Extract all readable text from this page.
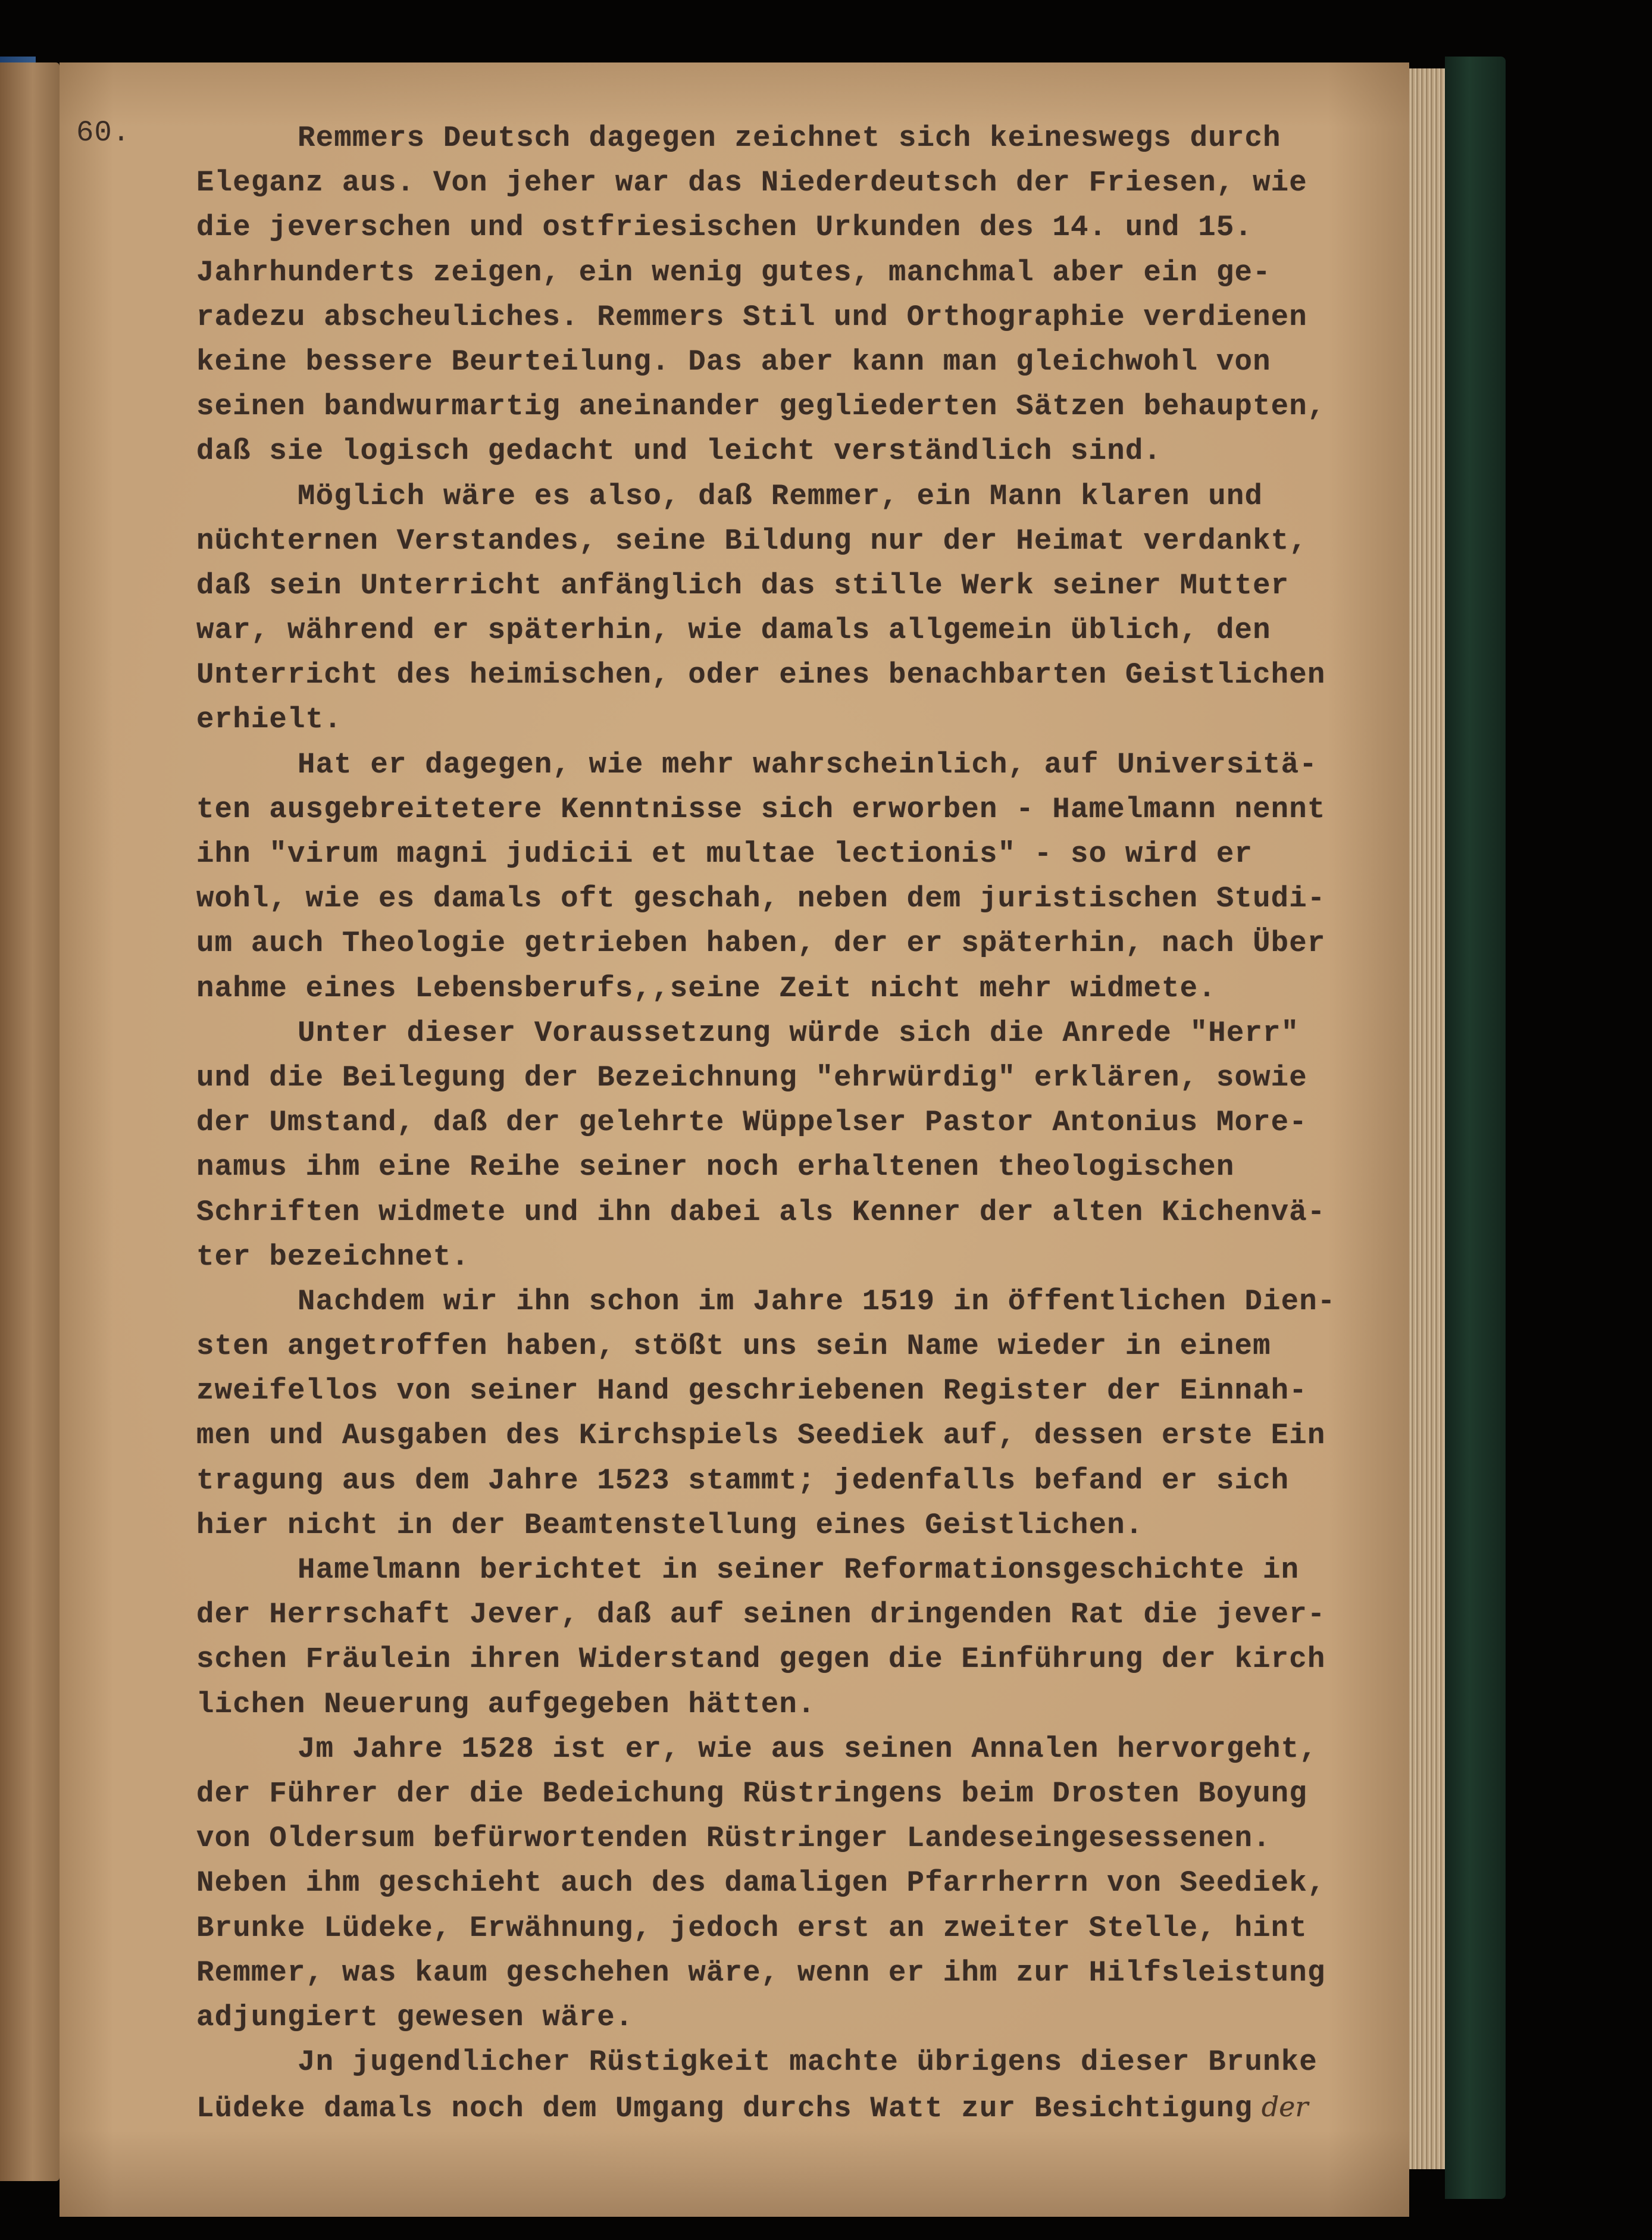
60.	Remmers Deutsch dagegen zeichnet sich keineswegs durch
Eleganz aus. Von jeher war das Niederdeutsch der Friesen, wie
die jeverschen und ostfriesischen Urkunden des 14. und 15.
Jahrhunderts zeigen, ein wenig gutes, manchmal aber ein ge-
radezu abscheuliches. Remmers Stil und Orthographie verdienen
keine bessere Beurteilung. Das aber kann man gleichwohl von
seinen bandwurmartig aneinander gegliederten Sätzen behaupten,
daß sie logisch gedacht und leicht verständlich sind.
Möglich wäre es also, daß Remmer, ein Mann klaren und
nüchternen Verstandes, seine Bildung nur der Heimat verdankt,
daß sein Unterricht anfänglich das stille Werk seiner Mutter
war, während er späterhin, wie damals allgemein üblich, den
Unterricht des heimischen, oder eines benachbarten Geistlichen
erhielt.
Hat er dagegen, wie mehr wahrscheinlich, auf Universitä-
ten ausgebreitetere Kenntnisse sich erworben - Hamelmann nennt
ihn "virum magni judicii et multae lectionis" - so wird er
wohl, wie es damals oft geschah, neben dem juristischen Studi-
um auch Theologie getrieben haben, der er späterhin, nach Über
nahme eines Lebensberufs,,seine Zeit nicht mehr widmete.
Unter dieser Voraussetzung würde sich die Anrede "Herr"
und die Beilegung der Bezeichnung "ehrwürdig" erklären, sowie
der Umstand, daß der gelehrte Wüppelser Pastor Antonius More-
namus ihm eine Reihe seiner noch erhaltenen theologischen
Schriften widmete und ihn dabei als Kenner der alten Kichenvä-
ter bezeichnet.
Nachdem wir ihn schon im Jahre 1519 in öffentlichen Dien-
sten angetroffen haben, stößt uns sein Name wieder in einem
zweifellos von seiner Hand geschriebenen Register der Einnah-
men und Ausgaben des Kirchspiels Seediek auf, dessen erste Ein
tragung aus dem Jahre 1523 stammt; jedenfalls befand er sich
hier nicht in der Beamtenstellung eines Geistlichen.
Hamelmann berichtet in seiner Reformationsgeschichte in
der Herrschaft Jever, daß auf seinen dringenden Rat die jever-
schen Fräulein ihren Widerstand gegen die Einführung der kirch
lichen Neuerung aufgegeben hätten.
Jm Jahre 1528 ist er, wie aus seinen Annalen hervorgeht,
der Führer der die Bedeichung Rüstringens beim Drosten Boyung
von Oldersum befürwortenden Rüstringer Landeseingesessenen.
Neben ihm geschieht auch des damaligen Pfarrherrn von Seediek,
Brunke Lüdeke, Erwähnung, jedoch erst an zweiter Stelle, hint
Remmer, was kaum geschehen wäre, wenn er ihm zur Hilfsleistung
adjungiert gewesen wäre.
Jn jugendlicher Rüstigkeit machte übrigens dieser Brunke
Lüdeke damals noch dem Umgang durchs Watt zur Besichtigung der
